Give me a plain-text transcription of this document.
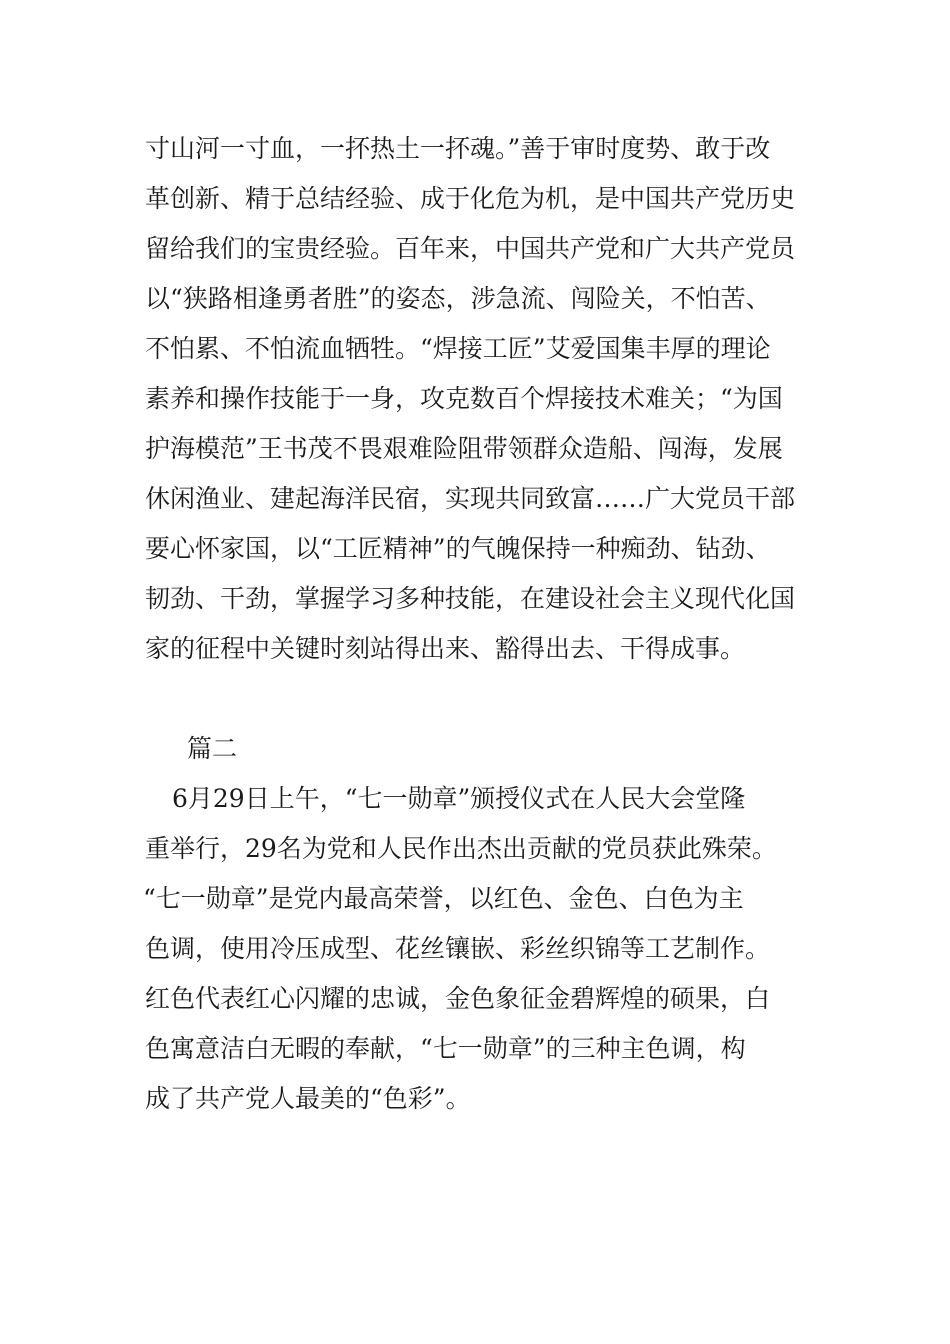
寸山河一寸血，一抔热土一抔魂。”善于审时度势、敢于改
革创新、精于总结经验、成于化危为机，是中国共产党历史
留给我们的宝贵经验。百年来，中国共产党和广大共产党员
以“狭路相逢勇者胜”的姿态，涉急流、闯险关，不怕苦、
不怕累、不怕流血牺牲。“焊接工匠”艾爱国集丰厚的理论
素养和操作技能于一身，攻克数百个焊接技术难关；“为国
护海模范”王书茂不畏艰难险阻带领群众造船、闯海，发展
休闲渔业、建起海洋民宿，实现共同致富……广大党员干部
要心怀家国，以“工匠精神”的气魄保持一种痴劲、钻劲、
韧劲、干劲，掌握学习多种技能，在建设社会主义现代化国
家的征程中关键时刻站得出来、豁得出去、干得成事。
篇二
6月29日上午，“七一勋章”颁授仪式在人民大会堂隆
重举行，29名为党和人民作出杰出贡献的党员获此殊荣。
“七一勋章”是党内最高荣誉，以红色、金色、白色为主
色调，使用冷压成型、花丝镶嵌、彩丝织锦等工艺制作。
红色代表红心闪耀的忠诚，金色象征金碧辉煌的硕果，白
色寓意洁白无暇的奉献，“七一勋章”的三种主色调，构
成了共产党人最美的“色彩”。
